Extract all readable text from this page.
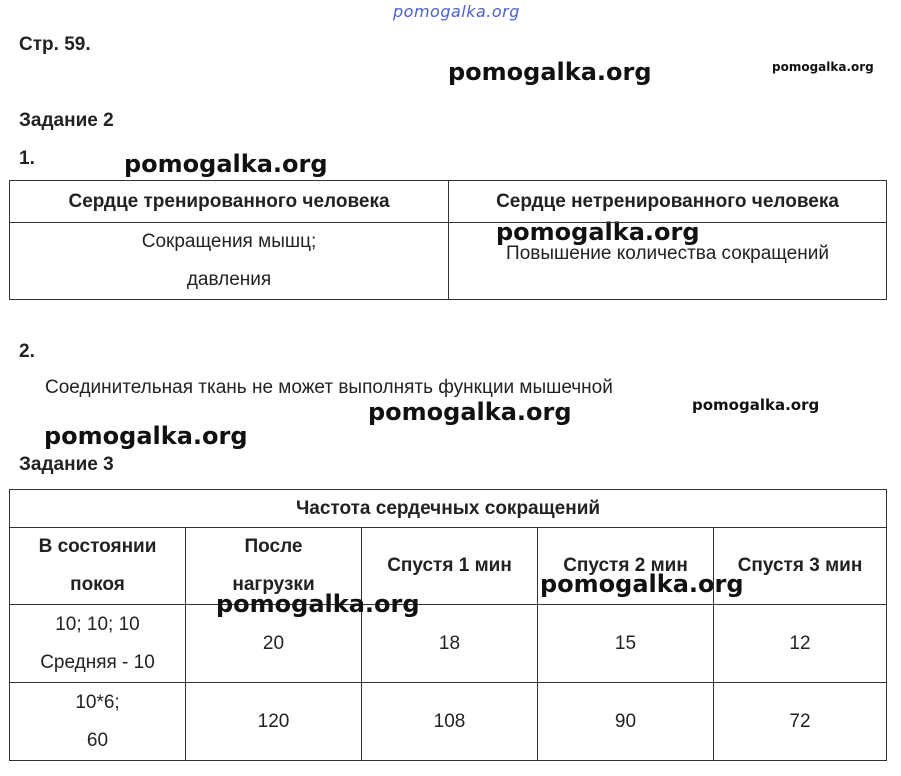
pomogalka.org
pomogalka.org	pomogalka.org
pomogalka.org
pomogalka.org
pomogalka.org	pomogalka.org
pomogalka.org
pomogalka.org
pomogalka.org
Стр. 59.
Задание 2
1.
Сердце тренированного человека	Сердце нетренированного человека

Сокращения мышц;
давления	Повышение количества сокращений
2.
Соединительная ткань не может выполнять функции мышечной
Задание 3
Частота сердечных сокращений				

В состоянии
покоя	После
нагрузки	Спустя 1 мин	Спустя 2 мин	Спустя 3 мин

10; 10; 10
Средняя - 10	20	18	15	12

10*6;
60	120	108	90	72
